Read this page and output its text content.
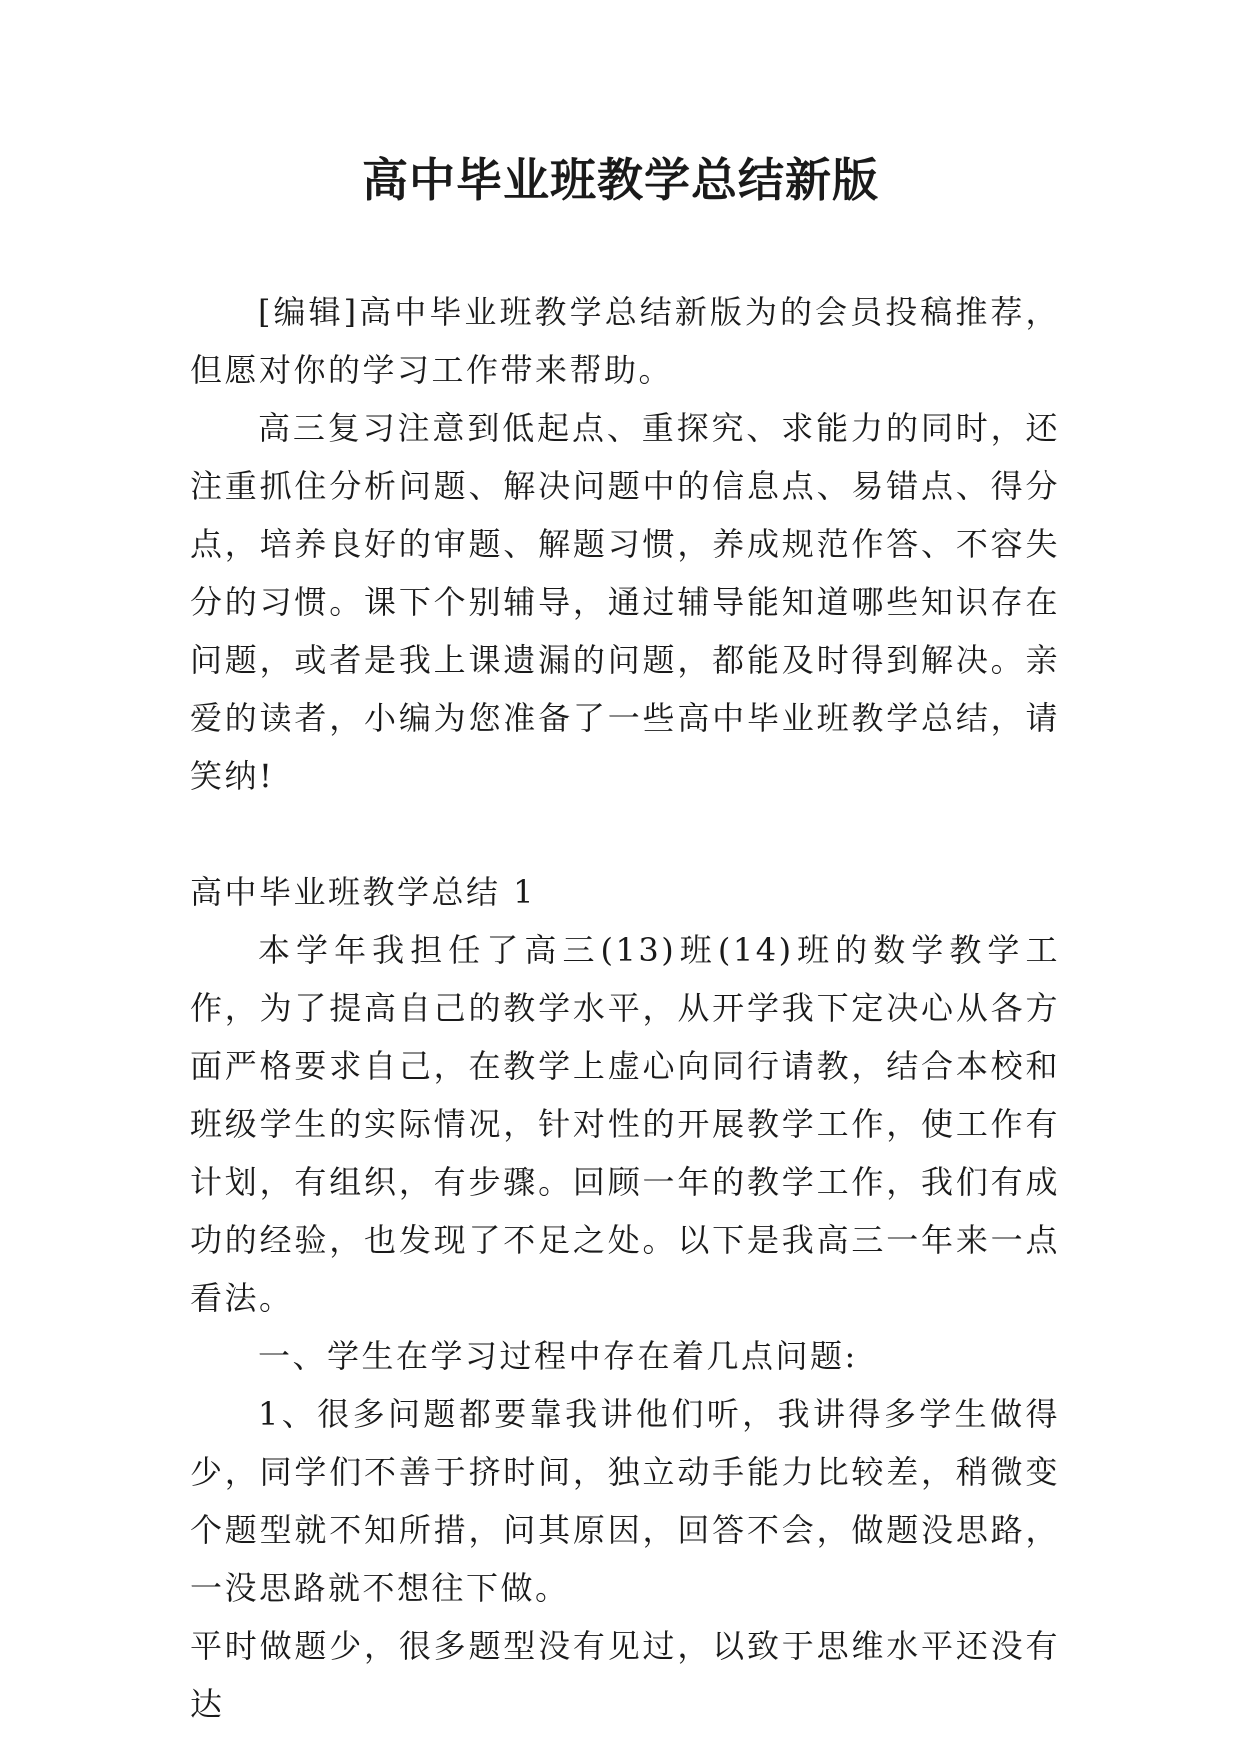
高中毕业班教学总结新版

[编辑]高中毕业班教学总结新版为的会员投稿推荐，但愿对你的学习工作带来帮助。

高三复习注意到低起点、重探究、求能力的同时，还注重抓住分析问题、解决问题中的信息点、易错点、得分点，培养良好的审题、解题习惯，养成规范作答、不容失分的习惯。课下个别辅导，通过辅导能知道哪些知识存在问题，或者是我上课遗漏的问题，都能及时得到解决。亲爱的读者，小编为您准备了一些高中毕业班教学总结，请笑纳!

高中毕业班教学总结 1

本学年我担任了高三(13)班(14)班的数学教学工作，为了提高自己的教学水平，从开学我下定决心从各方面严格要求自己，在教学上虚心向同行请教，结合本校和班级学生的实际情况，针对性的开展教学工作，使工作有计划，有组织，有步骤。回顾一年的教学工作，我们有成功的经验，也发现了不足之处。以下是我高三一年来一点看法。

一、学生在学习过程中存在着几点问题:

1、很多问题都要靠我讲他们听，我讲得多学生做得少，同学们不善于挤时间，独立动手能力比较差，稍微变个题型就不知所措，问其原因，回答不会，做题没思路，一没思路就不想往下做。

平时做题少，很多题型没有见过，以致于思维水平还没有达
